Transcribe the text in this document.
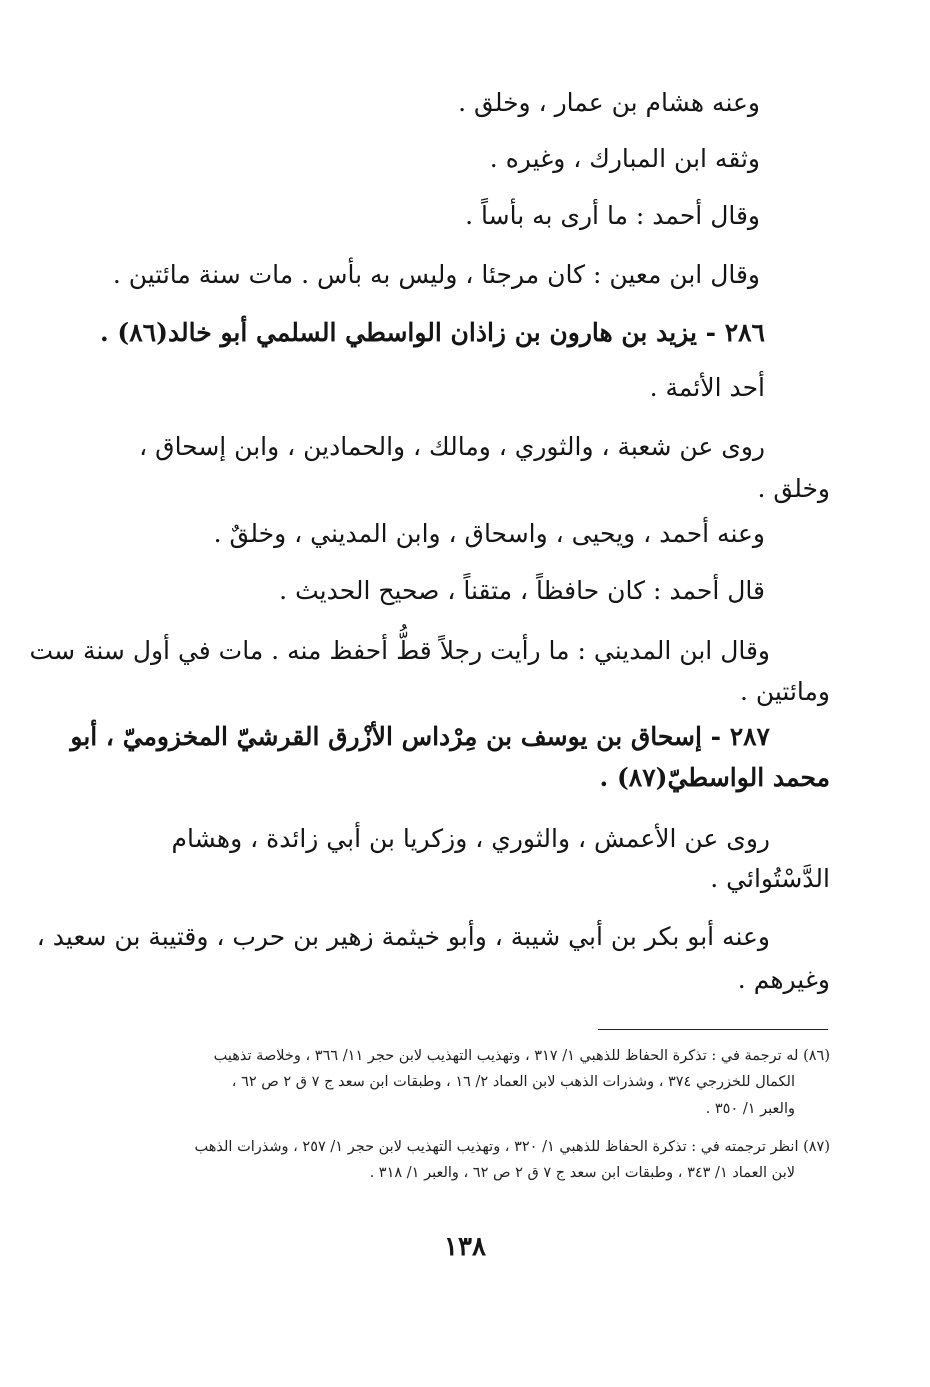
وعنه هشام بن عمار ، وخلق .
وثقه ابن المبارك ، وغيره .
وقال أحمد : ما أرى به بأساً .
وقال ابن معين : كان مرجئا ، وليس به بأس . مات سنة مائتين .
٢٨٦ - يزيد بن هارون بن زاذان الواسطي السلمي أبو خالد(٨٦) .
أحد الأئمة .
روى عن شعبة ، والثوري ، ومالك ، والحمادين ، وابن إسحاق ،
وخلق .
وعنه أحمد ، ويحيى ، واسحاق ، وابن المديني ، وخلقٌ .
قال أحمد : كان حافظاً ، متقناً ، صحيح الحديث .
وقال ابن المديني : ما رأيت رجلاً قطُّ أحفظ منه . مات في أول سنة ست
ومائتين .
٢٨٧ - إسحاق بن يوسف بن مِرْداس الأزْرق القرشيّ المخزوميّ ، أبو
محمد الواسطيّ(٨٧) .
روى عن الأعمش ، والثوري ، وزكريا بن أبي زائدة ، وهشام
الدَّسْتُوائي .
وعنه أبو بكر بن أبي شيبة ، وأبو خيثمة زهير بن حرب ، وقتيبة بن سعيد ،
وغيرهم .
(٨٦) له ترجمة في : تذكرة الحفاظ للذهبي ١/ ٣١٧ ، وتهذيب التهذيب لابن حجر ١١/ ٣٦٦ ، وخلاصة تذهيب
الكمال للخزرجي ٣٧٤ ، وشذرات الذهب لابن العماد ٢/ ١٦ ، وطبقات ابن سعد ج ٧ ق ٢ ص ٦٢ ،
والعبر ١/ ٣٥٠ .
(٨٧) انظر ترجمته في : تذكرة الحفاظ للذهبي ١/ ٣٢٠ ، وتهذيب التهذيب لابن حجر ١/ ٢٥٧ ، وشذرات الذهب
لابن العماد ١/ ٣٤٣ ، وطبقات ابن سعد ج ٧ ق ٢ ص ٦٢ ، والعبر ١/ ٣١٨ .
١٣٨
